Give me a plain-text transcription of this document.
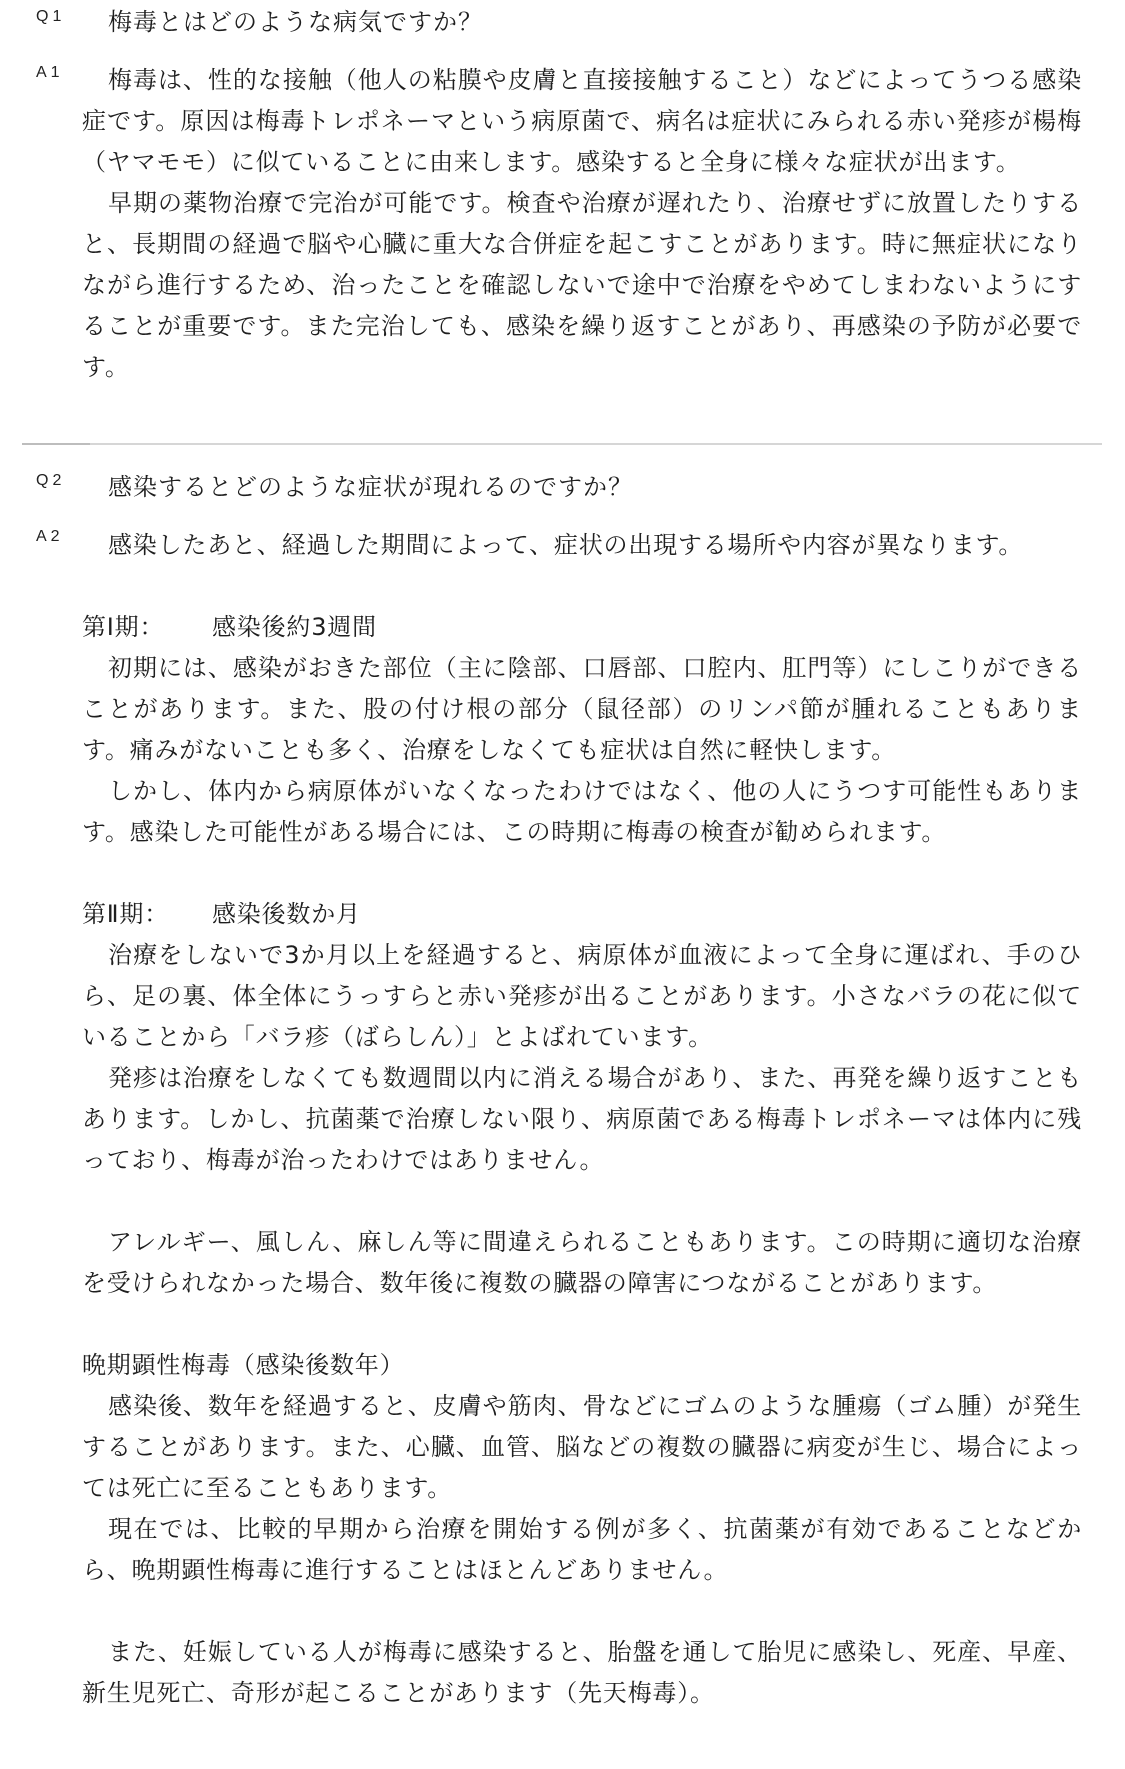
Q1 梅毒とはどのような病気ですか？
A1	梅毒は、性的な接触（他人の粘膜や皮膚と直接接触すること）などによってうつる感染症です。原因は梅毒トレポネーマという病原菌で、病名は症状にみられる赤い発疹が楊梅（ヤマモモ）に似ていることに由来します。感染すると全身に様々な症状が出ます。

早期の薬物治療で完治が可能です。検査や治療が遅れたり、治療せずに放置したりすると、長期間の経過で脳や心臓に重大な合併症を起こすことがあります。時に無症状になりながら進行するため、治ったことを確認しないで途中で治療をやめてしまわないようにすることが重要です。また完治しても、感染を繰り返すことがあり、再感染の予防が必要です。

Q2 感染するとどのような症状が現れるのですか？
A2	感染したあと、経過した期間によって、症状の出現する場所や内容が異なります。

第Ⅰ期： 感染後約3週間

初期には、感染がおきた部位（主に陰部、口唇部、口腔内、肛門等）にしこりができることがあります。また、股の付け根の部分（鼠径部）のリンパ節が腫れることもあります。痛みがないことも多く、治療をしなくても症状は自然に軽快します。

しかし、体内から病原体がいなくなったわけではなく、他の人にうつす可能性もあります。感染した可能性がある場合には、この時期に梅毒の検査が勧められます。

第Ⅱ期： 感染後数か月

治療をしないで3か月以上を経過すると、病原体が血液によって全身に運ばれ、手のひら、足の裏、体全体にうっすらと赤い発疹が出ることがあります。小さなバラの花に似ていることから「バラ疹（ばらしん）」とよばれています。

発疹は治療をしなくても数週間以内に消える場合があり、また、再発を繰り返すこともあります。しかし、抗菌薬で治療しない限り、病原菌である梅毒トレポネーマは体内に残っており、梅毒が治ったわけではありません。

アレルギー、風しん、麻しん等に間違えられることもあります。この時期に適切な治療を受けられなかった場合、数年後に複数の臓器の障害につながることがあります。

晩期顕性梅毒（感染後数年）

感染後、数年を経過すると、皮膚や筋肉、骨などにゴムのような腫瘍（ゴム腫）が発生することがあります。また、心臓、血管、脳などの複数の臓器に病変が生じ、場合によっては死亡に至ることもあります。

現在では、比較的早期から治療を開始する例が多く、抗菌薬が有効であることなどから、晩期顕性梅毒に進行することはほとんどありません。

また、妊娠している人が梅毒に感染すると、胎盤を通して胎児に感染し、死産、早産、新生児死亡、奇形が起こることがあります（先天梅毒）。
